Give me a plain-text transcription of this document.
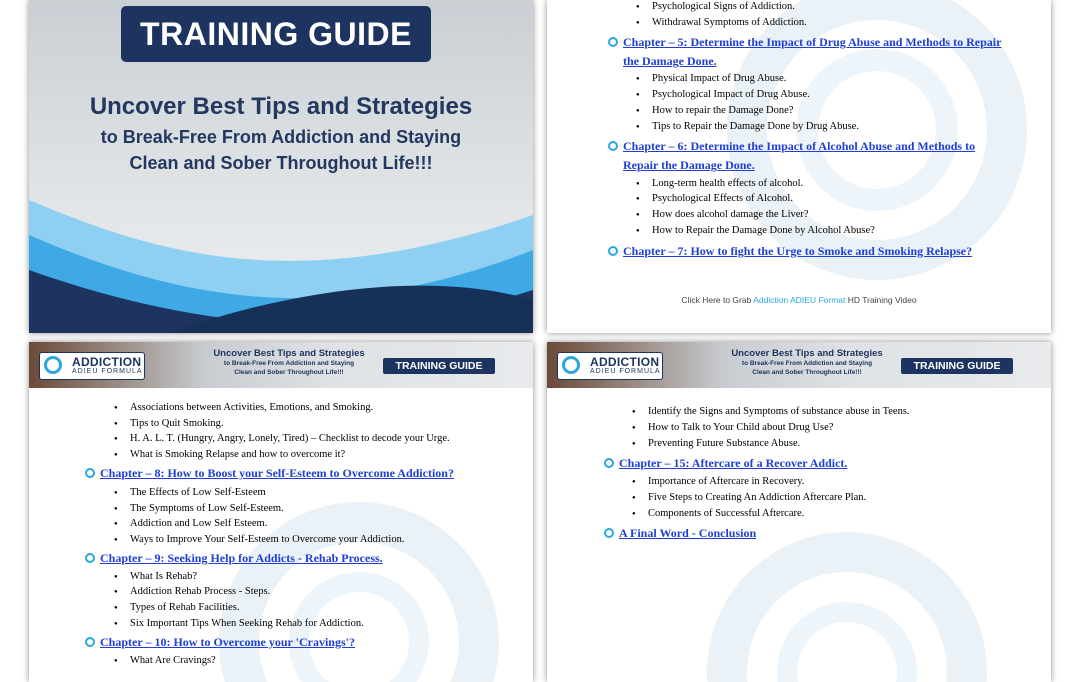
TRAINING GUIDE
Uncover Best Tips and Strategies
to Break-Free From Addiction and Staying
Clean and Sober Throughout Life!!!
● Psychological Signs of Addiction.
● Withdrawal Symptoms of Addiction.
Chapter – 5: Determine the Impact of Drug Abuse and Methods to Repair
the Damage Done.
● Physical Impact of Drug Abuse.
● Psychological Impact of Drug Abuse.
● How to repair the Damage Done?
● Tips to Repair the Damage Done by Drug Abuse.
Chapter – 6: Determine the Impact of Alcohol Abuse and Methods to
Repair the Damage Done.
● Long-term health effects of alcohol.
● Psychological Effects of Alcohol.
● How does alcohol damage the Liver?
● How to Repair the Damage Done by Alcohol Abuse?
Chapter – 7: How to fight the Urge to Smoke and Smoking Relapse?
Click Here to Grab Addiction ADIEU Format HD Training Video
ADDICTION
ADIEU FORMULA
Uncover Best Tips and Strategies
to Break-Free From Addiction and Staying
Clean and Sober Throughout Life!!!
TRAINING GUIDE
● Associations between Activities, Emotions, and Smoking.
● Tips to Quit Smoking.
● H. A. L. T. (Hungry, Angry, Lonely, Tired) – Checklist to decode your Urge.
● What is Smoking Relapse and how to overcome it?
Chapter – 8: How to Boost your Self-Esteem to Overcome Addiction?
● The Effects of Low Self-Esteem
● The Symptoms of Low Self-Esteem.
● Addiction and Low Self Esteem.
● Ways to Improve Your Self-Esteem to Overcome your Addiction.
Chapter – 9: Seeking Help for Addicts - Rehab Process.
● What Is Rehab?
● Addiction Rehab Process - Steps.
● Types of Rehab Facilities.
● Six Important Tips When Seeking Rehab for Addiction.
Chapter – 10: How to Overcome your 'Cravings'?
● What Are Cravings?
ADDICTION
ADIEU FORMULA
Uncover Best Tips and Strategies
to Break-Free From Addiction and Staying
Clean and Sober Throughout Life!!!
TRAINING GUIDE
● Identify the Signs and Symptoms of substance abuse in Teens.
● How to Talk to Your Child about Drug Use?
● Preventing Future Substance Abuse.
Chapter – 15: Aftercare of a Recover Addict.
● Importance of Aftercare in Recovery.
● Five Steps to Creating An Addiction Aftercare Plan.
● Components of Successful Aftercare.
A Final Word - Conclusion
